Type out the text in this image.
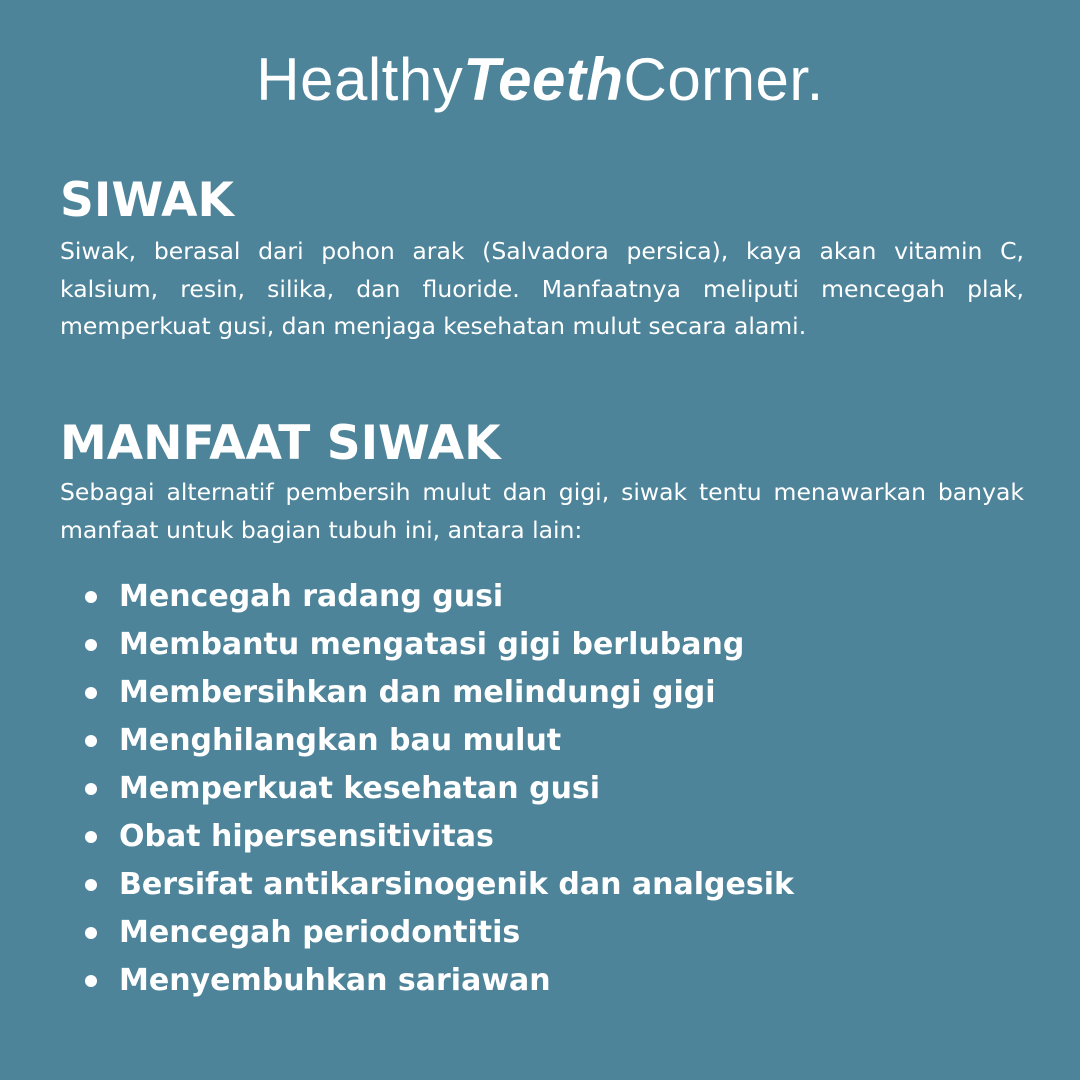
HealthyTeethCorner.
SIWAK

Siwak, berasal dari pohon arak (Salvadora persica), kaya akan vitamin C, kalsium, resin, silika, dan fluoride. Manfaatnya meliputi mencegah plak, memperkuat gusi, dan menjaga kesehatan mulut secara alami.

MANFAAT SIWAK

Sebagai alternatif pembersih mulut dan gigi, siwak tentu menawarkan banyak manfaat untuk bagian tubuh ini, antara lain:

Mencegah radang gusi
Membantu mengatasi gigi berlubang
Membersihkan dan melindungi gigi
Menghilangkan bau mulut
Memperkuat kesehatan gusi
Obat hipersensitivitas
Bersifat antikarsinogenik dan analgesik
Mencegah periodontitis
Menyembuhkan sariawan
